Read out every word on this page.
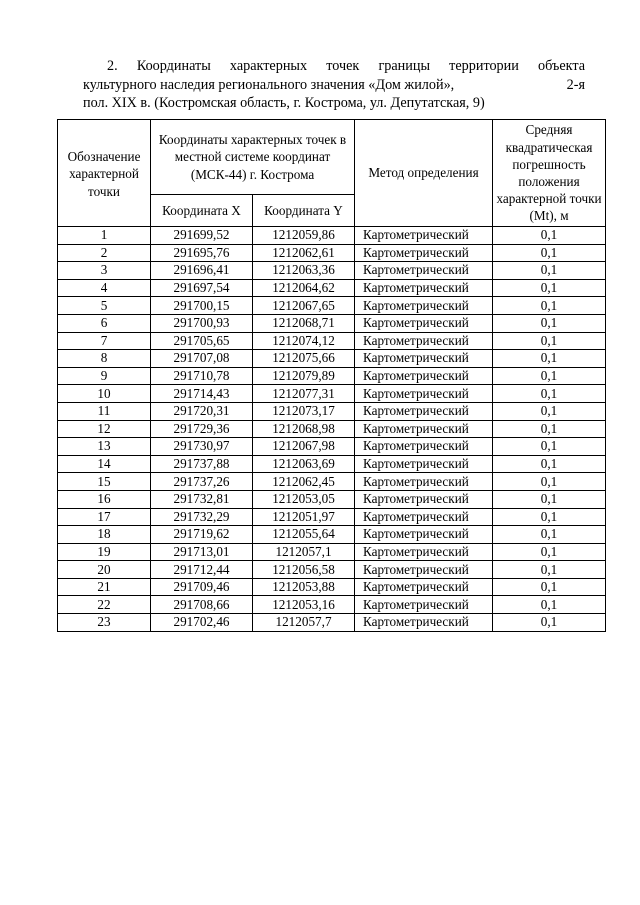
2. Координаты характерных точек границы территории объекта
культурного наследия регионального значения «Дом жилой»,	2-я
пол. XIX в. (Костромская область, г. Кострома, ул. Депутатская, 9)
Обозначение характерной точки	Координаты характерных точек в местной системе координат (МСК-44) г. Кострома		Метод определения	Средняя квадратическая погрешность положения характерной точки (Mt), м
	Координата X	Координата Y		
1	291699,52	1212059,86	Картометрический	0,1
2	291695,76	1212062,61	Картометрический	0,1
3	291696,41	1212063,36	Картометрический	0,1
4	291697,54	1212064,62	Картометрический	0,1
5	291700,15	1212067,65	Картометрический	0,1
6	291700,93	1212068,71	Картометрический	0,1
7	291705,65	1212074,12	Картометрический	0,1
8	291707,08	1212075,66	Картометрический	0,1
9	291710,78	1212079,89	Картометрический	0,1
10	291714,43	1212077,31	Картометрический	0,1
11	291720,31	1212073,17	Картометрический	0,1
12	291729,36	1212068,98	Картометрический	0,1
13	291730,97	1212067,98	Картометрический	0,1
14	291737,88	1212063,69	Картометрический	0,1
15	291737,26	1212062,45	Картометрический	0,1
16	291732,81	1212053,05	Картометрический	0,1
17	291732,29	1212051,97	Картометрический	0,1
18	291719,62	1212055,64	Картометрический	0,1
19	291713,01	1212057,1	Картометрический	0,1
20	291712,44	1212056,58	Картометрический	0,1
21	291709,46	1212053,88	Картометрический	0,1
22	291708,66	1212053,16	Картометрический	0,1
23	291702,46	1212057,7	Картометрический	0,1
